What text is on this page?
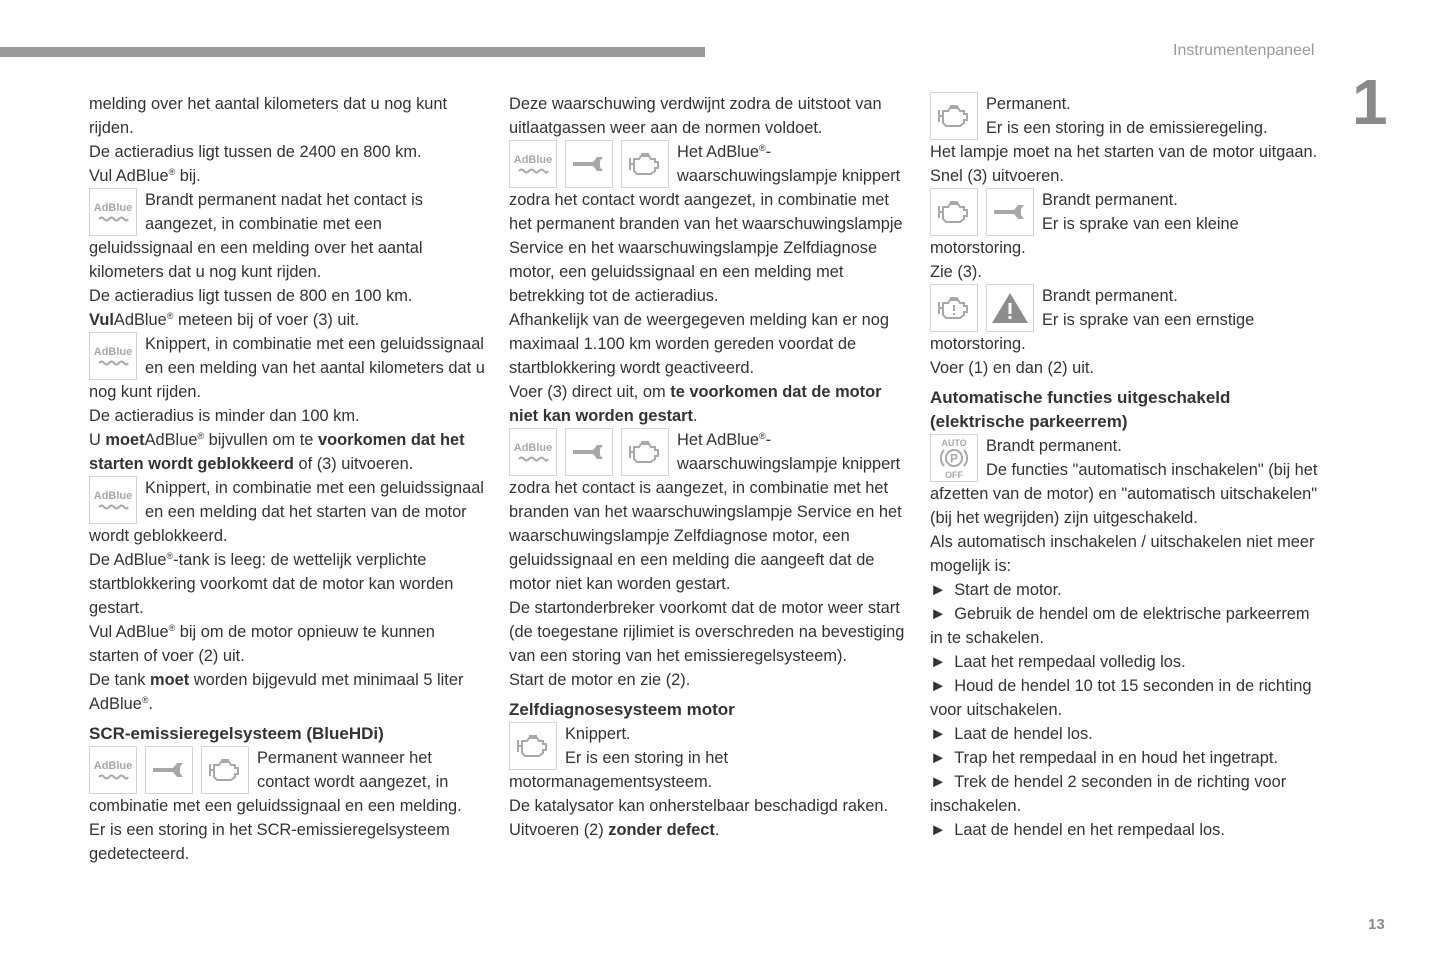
Instrumentenpaneel
1
13
melding over het aantal kilometers dat u nog kunt rijden.
De actieradius ligt tussen de 2400 en 800 km.
Vul AdBlue® bij.
AdBlue Brandt permanent nadat het contact is aangezet, in combinatie met een geluidssignaal en een melding over het aantal kilometers dat u nog kunt rijden.
De actieradius ligt tussen de 800 en 100 km.
VulAdBlue® meteen bij of voer (3) uit.
AdBlue Knippert, in combinatie met een geluidssignaal en een melding van het aantal kilometers dat u nog kunt rijden.
De actieradius is minder dan 100 km.
U moetAdBlue® bijvullen om te voorkomen dat het starten wordt geblokkeerd of (3) uitvoeren.
AdBlue Knippert, in combinatie met een geluidssignaal en een melding dat het starten van de motor wordt geblokkeerd.
De AdBlue®-tank is leeg: de wettelijk verplichte startblokkering voorkomt dat de motor kan worden gestart.
Vul AdBlue® bij om de motor opnieuw te kunnen starten of voer (2) uit.
De tank moet worden bijgevuld met minimaal 5 liter AdBlue®.
SCR-emissieregelsysteem (BlueHDi)
AdBlue	Permanent wanneer het contact wordt aangezet, in combinatie met een geluidssignaal en een melding.
Er is een storing in het SCR-emissieregelsysteem gedetecteerd.
Deze waarschuwing verdwijnt zodra de uitstoot van uitlaatgassen weer aan de normen voldoet.
AdBlue	Het AdBlue®-waarschuwingslampje knippert zodra het contact wordt aangezet, in combinatie met het permanent branden van het waarschuwingslampje Service en het waarschuwingslampje Zelfdiagnose motor, een geluidssignaal en een melding met betrekking tot de actieradius.
Afhankelijk van de weergegeven melding kan er nog maximaal 1.100 km worden gereden voordat de startblokkering wordt geactiveerd.
Voer (3) direct uit, om te voorkomen dat de motor niet kan worden gestart.
AdBlue	Het AdBlue®-waarschuwingslampje knippert zodra het contact is aangezet, in combinatie met het branden van het waarschuwingslampje Service en het waarschuwingslampje Zelfdiagnose motor, een geluidssignaal en een melding die aangeeft dat de motor niet kan worden gestart.
De startonderbreker voorkomt dat de motor weer start (de toegestane rijlimiet is overschreden na bevestiging van een storing van het emissieregelsysteem).
Start de motor en zie (2).
Zelfdiagnosesysteem motor
Knippert.
Er is een storing in het motormanagementsysteem.
De katalysator kan onherstelbaar beschadigd raken.
Uitvoeren (2) zonder defect.
Permanent.
Er is een storing in de emissieregeling.
Het lampje moet na het starten van de motor uitgaan.
Snel (3) uitvoeren.
Brandt permanent.
Er is sprake van een kleine motorstoring.
Zie (3).
Brandt permanent.
Er is sprake van een ernstige motorstoring.
Voer (1) en dan (2) uit.
Automatische functies uitgeschakeld (elektrische parkeerrem)
AUTO
P
OFF
Brandt permanent.
De functies "automatisch inschakelen" (bij het afzetten van de motor) en "automatisch uitschakelen" (bij het wegrijden) zijn uitgeschakeld.
Als automatisch inschakelen / uitschakelen niet meer mogelijk is:
► Start de motor.
► Gebruik de hendel om de elektrische parkeerrem in te schakelen.
► Laat het rempedaal volledig los.
► Houd de hendel 10 tot 15 seconden in de richting voor uitschakelen.
► Laat de hendel los.
► Trap het rempedaal in en houd het ingetrapt.
► Trek de hendel 2 seconden in de richting voor inschakelen.
► Laat de hendel en het rempedaal los.
